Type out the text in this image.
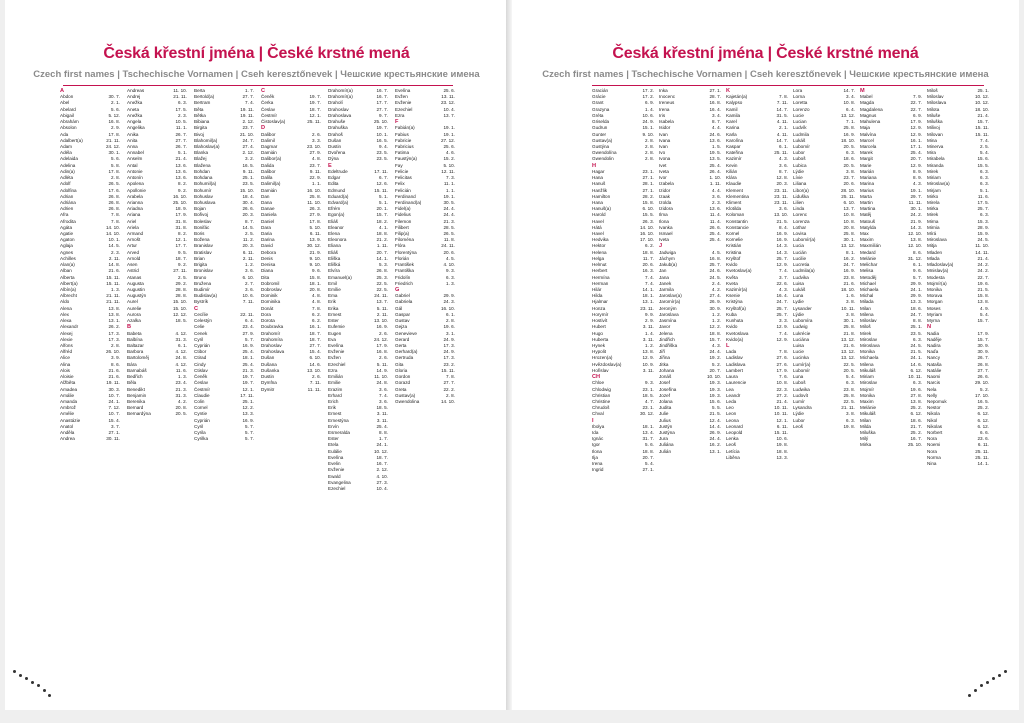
Česká křestní jména | České krstné mená
Czech first names | Tschechische Vornamen | Cseh keresztőnevek | Чешские крестьянские имена
A
Abdon	30. 7.
Abel	2. 1.
Abelard	5. 6.
Abigail	5. 12.
Abrahám	16. 8.
Absolon	2. 9.
Ada	17. 8.
Adalbert(a)	21. 11.
Adam	24. 12.
Adéla	30. 1.
Adelaida	5. 6.
Adelina	5. 8.
Adin(a)	17. 8.
Adléta	2. 8.
Adolf	26. 5.
Adolfina	17. 6.
Adrian	26. 8.
Adriána	26. 8.
Adrien	26. 8.
Afra	7. 8.
Afrodita	7. 8.
Agáta	14. 10.
Agatie	14. 10.
Agaton	10. 1.
Aglaja	14. 5.
Agnes	2. 3.
Achilles	2. 11.
Alan(a)	14. 8.
Alban	21. 6.
Alberta	15. 11.
Albert(a)	15. 11.
Albín(a)	1. 3.
Albrecht	21. 11.
Aldo	21. 11.
Alena	13. 8.
Alex	13. 8.
Alexa	13. 1.
Alexandr	26. 2.
Alexej	17. 3.
Alexie	17. 3.
Alfons	2. 8.
Alfréd	26. 10.
Alice	3. 9.
Alina	8. 6.
Alois	21. 6.
Aloisie	21. 6.
Alžběta	19. 11.
Amadea	30. 3.
Amálie	10. 7.
Amanda	24. 1.
Ambrož	7. 12.
Amélie	10. 7.
Anastázie	15. 4.
Anatol	3. 7.
Anděla	27. 1.
Andrea	30. 11.
Andreas	11. 10.
Andrej	21. 11.
Anežka	6. 3.
Aneta	17. 5.
Anežka	2. 3.
Angela	10. 5.
Angelika	11. 1.
Anika	26. 7.
Anita	27. 7.
Anna	26. 7.
Annabel	5. 1.
Anselm	21. 4.
Antal	13. 6.
Antonie	13. 6.
Antonín	13. 6.
Apolena	8. 2.
Apollonie	9. 2.
Arabela	16. 10.
Arianna	25. 10.
Ariadna	18. 9.
Ariana	17. 9.
Ariel	31. 8.
Ariela	31. 8.
Armand	8. 2.
Arnošt	12. 1.
Artur	17. 7.
Arved	9. 5.
Arnold	18. 7.
Asen	9. 2.
Astrid	27. 11.
Atanas	2. 5.
Augusta	29. 2.
Augustin	28. 8.
Augustýn	28. 8.
Aurel	15. 10.
Aurelie	15. 10.
Aurora	12. 12.
Azalka	18. 5.
B
Babeta	4. 12.
Balbína	31. 3.
Baltazar	6. 1.
Barbora	4. 12.
Bartoloměj	24. 8.
Bára	4. 12.
Barnabáš	11. 6.
Bedřich	1. 3.
Běla	23. 4.
Benedikt	21. 3.
Benjamin	31. 3.
Berenika	4. 2.
Bernard	20. 8.
Bernardýna	20. 5.
Berta	1. 7.
Bertold(a)	27. 7.
Bertram	7. 4.
Běta	19. 11.
Bětka	19. 11.
Bibiana	2. 12.
Birgita	23. 7.
Bivoj	21. 10.
Blahomil(a)	24. 7.
Blahoslav(a)	27. 4.
Blanka	2. 12.
Blažej	3. 2.
Blažena	16. 5.
Bohdan	9. 11.
Bohdana	25. 1.
Bohumil(a)	23. 5.
Bohumír	15. 10.
Bohuslav	18. 4.
Bohuslava	30. 4.
Bojan	26. 6.
Bořivoj	20. 3.
Boleslav	8. 7.
Bonifác	14. 5.
Boris	2. 5.
Božena	11. 2.
Branislav	20. 3.
Bratislav	6. 11.
Brian	2. 11.
Brigita	1. 2.
Bronislav	3. 6.
Bruno	6. 10.
Bružena	2. 7.
Budimír	3. 6.
Budislav(a)	10. 6.
Bystrík	7. 11.
C
Cecílie	22. 11.
Celestýn	6. 4.
Celie	23. 4.
Cenek	27. 9.
Cyril	5. 7.
Cyprián	16. 9.
Ctibor	25. 4.
Ctirad	18. 1.
Cindy	25. 4.
Ctislav	21. 3.
Čeněk	19. 7.
Česlav	19. 7.
Čestmír	12. 1.
Claudie	17. 11.
Colin	25. 1.
Cornel	12. 2.
Cyntie	13. 3.
Cyprián	16. 9.
Cyril	5. 7.
Cyrila	5. 7.
Cyrilka	5. 7.
Č
Čeněk	19. 7.
Čerka	19. 7.
Česlav	18. 7.
Čestmír	12. 1.
Čistoslav(a)	25. 11.
D
Dalibor	2. 6.
Dalimil	3. 3.
Dagmar	23. 10.
Damián	27. 9.
Dalibor(a)	4. 8.
Dalida	23. 7.
Dalibor	9. 11.
Dalila	22. 9.
Dalimil(a)	1. 1.
Damián	16. 10.
Dan	25. 8.
Dana	11. 10.
Danae	26. 3.
Daniela	27. 9.
Daniel	17. 8.
Dara	5. 10.
Daria	6. 11.
Darina	13. 9.
David	30. 12.
Debora	21. 9.
Denis	9. 10.
Denisa	9. 10.
Diana	9. 6.
Dita	15. 8.
Dobromil	18. 1.
Dobroslav	20. 8.
Dominik	4. 8.
Dominika	4. 8.
Donát	7. 8.
Dora	6. 2.
Dorota	6. 2.
Doubravka	16. 1.
Drahomír	18. 7.
Drahomíra	18. 7.
Drahoslav	27. 7.
Drahoslava	15. 4.
Dušan	6. 10.
Dušana	14. 6.
Dušanka	13. 10.
Dustin	2. 6.
Dymfna	7. 11.
Dymitr	11. 11.
Drahomír(a)	16. 7.
Drahomír(a)	16. 7.
Draholí	17. 7.
Drahoslav	27. 7.
Drahoslava	9. 7.
Drahuše	25. 10.
Drahuška	19. 7.
Drahoš	10. 1.
Dušan	16. 5.
Dustin	9. 4.
Dvořena	23. 5.
Dýna	23. 5.
E
Edeltrude	17. 11.
Edgar	6. 7.
Edita	12. 6.
Edmund	15. 11.
Eduard(a)	5. 1.
Edvard(a)	5. 1.
Efrém	20. 1.
Egon(a)	15. 7.
Eliáš	18. 2.
Eleanor	4. 1.
Elena	18. 8.
Eleonora	21. 2.
Eliana	1. 11.
Eliáš	20. 7.
Eliška	14. 1.
Elišká	5. 3.
Elvíra	26. 8.
Emanuel(a)	25. 3.
Emil	22. 5.
Emílie	22. 5.
Ema	24. 11.
Erik	13. 7.
Erika	5. 11.
Ernest	2. 11.
Ester	13. 10.
Eufemie	16. 9.
Eugen	2. 6.
Eva	24. 12.
Evelína	17. 9.
Evženie	16. 8.
Evžen	2. 6.
Ezechiel	5. 11.
Ezra	14. 9.
Emilián	11. 10.
Emilie	24. 8.
Erazim	3. 6.
Erhard	7. 4.
Erich	3. 6.
Erik	18. 5.
Ernest	3. 11.
Ernestýna	3. 11.
Ervín	25. 4.
Esmeralda	8. 8.
Ester	1. 7.
Etela	24. 1.
Eulálie	10. 12.
Evelína	18. 7.
Evelin	16. 7.
Evženie	2. 12.
Ewald	4. 10.
Evangelina	27. 3.
Ezechiel	10. 4.
Evelína	25. 6.
Evžen	13. 11.
Evženie	23. 12.
Ezechiel	10. 4.
Ezra	13. 7.
F
Fabián(a)	19. 1.
Fabius	19. 1.
Fabricie	27. 12.
Fabricius	25. 6.
Fatima	4. 6.
Faustýn(a)	15. 2.
Fay	5. 10.
Felicie	12. 11.
Felicitas	7. 3.
Felix	11. 1.
Felicián	1. 1.
Ferdinand	19. 1.
Ferdinand(a)	30. 5.
Fidel(a)	24. 4.
Fidelius	24. 4.
Filemon	21. 3.
Filibert	28. 5.
Filip(a)	26. 5.
Filoména	11. 8.
Flóra	24. 11.
Florentýna	20. 6.
Florián	4. 5.
František	4. 10.
Františka	9. 3.
Fridolín	6. 3.
Friedrich	1. 3.
G
Gabriel	29. 9.
Gabriela	24. 3.
Gál	16. 10.
Gaspar	6. 1.
Gustav	2. 8.
Gejza	19. 6.
Genevieve	3. 1.
Gerard	24. 9.
Gerta	17. 3.
Gerhard(a)	24. 9.
Gertruda	17. 3.
Gita	23. 2.
Gloria	15. 11.
Gordon	7. 8.
Gorazd	27. 7.
Greta	22. 2.
Gustav(a)	2. 8.
Gwendolina	14. 10.
Česká křestní jména | České krstné mená
Czech first names | Tschechische Vornamen | Cseh keresztőnevek | Чешские крестьянские имена
Gracián	17. 2.
Grácie	17. 2.
Grant	6. 9.
Grazyna	1. 4.
Gréta	10. 6.
Griselda	24. 9.
Gudrun	15. 1.
Gunter	9. 10.
Gustav(a)	2. 8.
Gustýna	2. 8.
Gwendolína	2. 8.
Gwendolin	2. 8.
H
Hagar	23. 1.
Hana	27. 1.
Hanuš	28. 1.
Hanžlik	27. 1.
Hamilton	28. 2.
Hana	15. 8.
Hanuš(a)	6. 10.
Harold	15. 5.
Havel	26. 3.
Hátá	14. 10.
Havel	16. 10.
Hedvika	17. 10.
Hektor	6. 2.
Helena	18. 8.
Helga	11. 7.
Helmut	20. 6.
Herbert	16. 3.
Hermína	7. 4.
Herman	7. 4.
Hilár	14. 1.
Hilda	18. 1.
Hjalmar	13. 1.
Honza	23. 11.
Horymír	9. 9.
Hostivít	2. 9.
Hubert	3. 11.
Hugo	1. 4.
Huberta	3. 11.
Hynek	1. 2.
Hypolit	13. 8.
Hrozen(a)	12. 9.
Hvězdoslav(a)	10. 9.
Hořislav	3. 11.
CH
Chloe	9. 3.
Chlodwig	23. 1.
Christian	18. 5.
Christine	4. 7.
Chrudoš	23. 1.
Chval	30. 12.
I
Ibolya	18. 1.
Ida	13. 4.
Ignác	31. 7.
Igor	5. 6.
Ilona	18. 8.
Ilja	20. 7.
Irena	5. 4.
Ingrid	27. 1.
Inka	27. 1.
Inocenc	28. 7.
Ireneus	16. 8.
Irena	16. 4.
Iris	3. 4.
Isabela	8. 7.
Isidor	4. 4.
Ivan	24. 6.
Ivana	13. 6.
Ivan	1. 5.
Ivo	19. 5.
Ivona	13. 5.
Ivet	25. 4.
Iveta	26. 4.
Ivor	1. 10.
Izabela	1. 11.
Izidor	4. 4.
Izaak	3. 6.
Izolda	2. 3.
Izidora	13. 6.
Ilma	11. 4.
Ilona	11. 4.
Ivanka	26. 6.
Ismael	25. 4.
Iveta	25. 4.
J
Jadwiga	4. 5.
Jáchym	16. 8.
Jakub(a)	25. 7.
Jan	24. 6.
Jana	24. 5.
Janek	2. 4.
Jarmila	4. 2.
Jaroslav(a)	27. 4.
Jaromír(a)	26. 9.
Jeroným	30. 9.
Jaroslava	1. 2.
Jasmína	1. 2.
Javor	12. 2.
Jelena	18. 8.
Jindřich	15. 7.
Jindřiška	4. 3.
Jiří	24. 4.
Jiřina	19. 2.
Jitka	5. 2.
Johana	20. 7.
Jonáš	10. 10.
Josef	19. 3.
Josefína	19. 3.
Jozef	19. 3.
Jolana	15. 6.
Judita	5. 5.
Julie	21. 5.
Julius	12. 4.
Justýn	14. 4.
Justýna	26. 9.
Jura	24. 4.
Juliána	16. 2.
Julián	13. 1.
K
Kajetán(a)	7. 8.
Kalypso	7. 11.
Kamil	14. 7.
Kamila	31. 5.
Karel	4. 11.
Karina	2. 1.
Karla	4. 11.
Karolína	14. 7.
Kaspar	6. 1.
Kateřina	25. 11.
Kazimír	4. 3.
Kevin	3. 6.
Kilián	8. 7.
Klára	12. 8.
Klaudie	20. 3.
Klement	23. 11.
Klementina	23. 11.
Kliment	23. 11.
Klotilda	3. 6.
Koloman	13. 10.
Konstantin	21. 5.
Konstancie	8. 4.
Kornel	16. 9.
Kornelie	16. 9.
Kristián	14. 3.
Kristina	14. 3.
Kryštof	25. 7.
Kvido	12. 9.
Kvetoslav(a)	7. 4.
Květa	3. 7.
Kveta	22. 6.
Kazimír(a)	4. 3.
Ksenie	16. 4.
Kristýna	24. 7.
Kryštof(a)	25. 7.
Kuba	25. 7.
Kunhuta	3. 3.
Kvido	12. 9.
Kvetoslava	7. 4.
Kvido(a)	12. 9.
L
Lada	7. 8.
Ladislav	27. 6.
Ladislava	27. 6.
Lambert	17. 9.
Laura	7. 6.
Laurencie	10. 8.
Lea	22. 3.
Leandr	27. 2.
Leda	21. 4.
Leo	10. 11.
Leon	10. 11.
Leona	12. 1.
Leonard	6. 11.
Leopold	15. 11.
Lenka	10. 6.
Leoš	19. 8.
Letícia	18. 8.
Liběna	13. 3.
Lora	14. 7.
Lorna	3. 4.
Loretta	10. 8.
Lorenzo	6. 4.
Lucie	13. 12.
Lucian	7. 1.
Ludvík	25. 8.
Ludmila	16. 9.
Lukáš	18. 10.
Lubomír	20. 5.
Lubor	6. 3.
Luboš	18. 6.
Lubica	20. 5.
Lýdie	3. 8.
Lívie	23. 7.
Liliana	20. 6.
Libor(a)	28. 10.
Liduška	25. 11.
Lilien	6. 10.
Linda	13. 7.
Lorenc	10. 8.
Lorenza	10. 8.
Lothar	20. 8.
Lovisa	25. 8.
Lubomír(a)	30. 1.
Lucia	13. 12.
Lucián	8. 1.
Lucilie	16. 2.
Lucretia	24. 7.
Ludmila(a)	16. 9.
Ludvika	23. 8.
Luisa	21. 6.
Lukáš	18. 10.
Luna	1. 6.
Lydie	3. 8.
Lysander	10. 11.
Lýdie	3. 8.
Lubomíra	30. 1.
Ludwig	25. 8.
Lukrécie	21. 8.
Luciána	13. 12.
Luisa	21. 6.
Lucie	13. 12.
Lucinka	13. 12.
Lumír(a)	22. 5.
Lubomír	20. 5.
Luna	5. 4.
Luboš	6. 3.
Ludwika	23. 8.
Ludovít	25. 8.
Lumír	22. 5.
Lysandra	21. 11.
Lýdie	3. 8.
Lubor	6. 3.
Leoš	19. 8.
M
Mabel	7. 9.
Magda	22. 7.
Magdalena	22. 7.
Magnus	6. 9.
Mahulena	17. 9.
Maja	12. 9.
Malvína	12. 9.
Marcel	16. 1.
Marcela	17. 1.
Marek	25. 4.
Margit	20. 7.
Marie	12. 9.
Marián	8. 9.
Mariana	8. 9.
Marina	4. 3.
Marius	19. 1.
Marta	29. 7.
Martin	11. 11.
Martina	30. 1.
Matěj	24. 2.
Matouš	21. 9.
Matylda	14. 3.
Max	12. 10.
Maxim	13. 8.
Maxmilián	12. 10.
Medard	8. 6.
Melánie	31. 12.
Melichar	6. 1.
Melisa	9. 6.
Metoděj	5. 7.
Michael	29. 9.
Michaela	24. 1.
Michal	29. 9.
Milada	13. 3.
Milan	18. 6.
Milena	24. 7.
Miloslav	8. 8.
Miloš	25. 1.
Mirek	23. 5.
Miroslav	6. 3.
Miroslava	24. 5.
Monika	21. 5.
Michaela	24. 1.
Milena	14. 6.
Mikuláš	6. 12.
Miriam	10. 11.
Miroslav	6. 3.
Mojmír	19. 6.
Monika	27. 8.
Maxim	13. 8.
Melánie	25. 2.
Mikuláš	6. 12.
Milan	18. 6.
Milda	21. 7.
Miluška	25. 2.
Milý	16. 7.
Mirka	25. 10.
Miloš	25. 1.
Miloslav	10. 12.
Miloslava	10. 12.
Milota	18. 10.
Miluše	21. 4.
Miluška	15. 7.
Milivoj	15. 11.
Milovan	15. 11.
Mina	7. 4.
Minerva	2. 5.
Mira	5. 4.
Mirabela	15. 6.
Miranda	15. 5.
Mirek	6. 3.
Miriam	6. 3.
Miroslav(a)	6. 3.
Mirjam	5. 1.
Mirko	11. 6.
Mirela	17. 5.
Mirka	25. 7.
Mirek	6. 3.
Mirna	15. 3.
Mirnia	28. 9.
Mírá	15. 9.
Miroslava	24. 5.
Mitja	11. 10.
Mladen	14. 11.
Mlada	21. 4.
Mladoslav(a)	24. 2.
Mnislav(a)	24. 2.
Modesta	22. 7.
Mojmír(a)	19. 6.
Monika	21. 5.
Morava	15. 8.
Morgan	13. 8.
Moses	4. 9.
Myriam	5. 4.
Myrna	15. 7.
N
Nadia	17. 9.
Naděje	15. 7.
Nadira	30. 9.
Naďa	30. 9.
Nancy	26. 7.
Nataša	26. 8.
Natálie	27. 7.
Naomi	26. 6.
Narcis	29. 10.
Nela	5. 2.
Nelly	17. 10.
Nepomuk	16. 5.
Nestor	25. 2.
Nikola	6. 12.
Nikol	6. 12.
Nikolas	6. 12.
Norbert	6. 6.
Nora	23. 6.
Noemi	6. 11.
Nora	25. 11.
Norma	25. 11.
Nina	14. 1.
